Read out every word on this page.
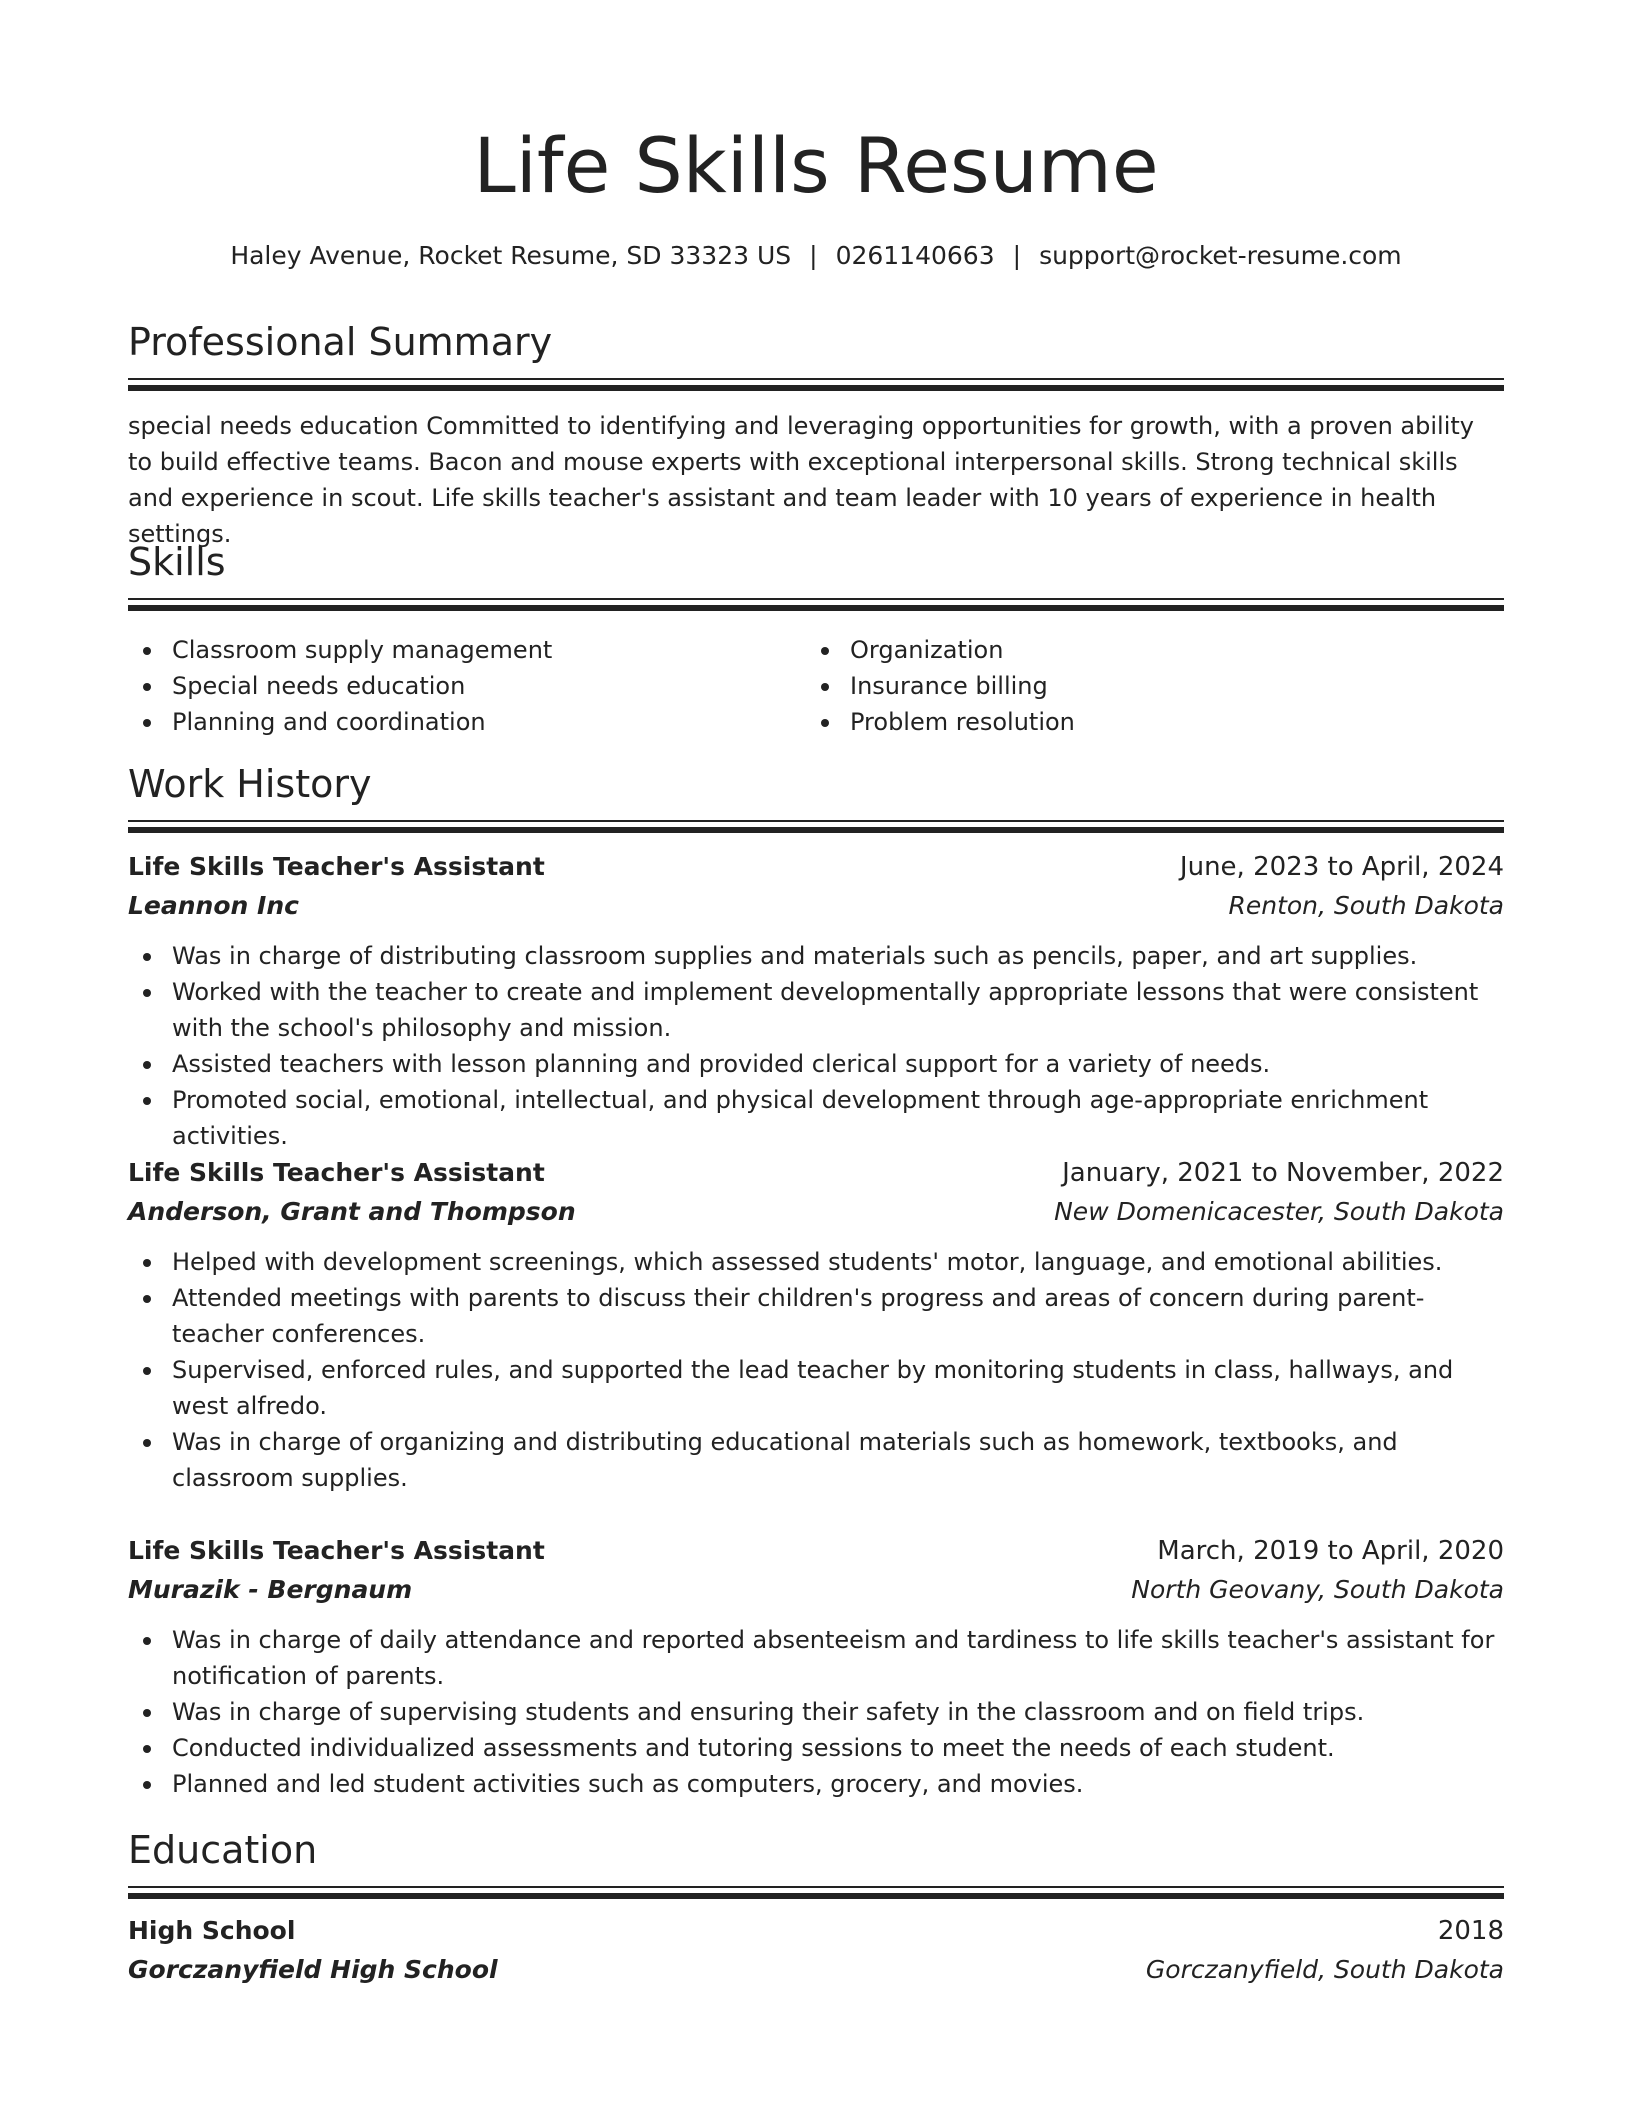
Life Skills Resume
Haley Avenue, Rocket Resume, SD 33323 US | 0261140663 | support@rocket-resume.com
Professional Summary

special needs education Committed to identifying and leveraging opportunities for growth, with a proven ability to build effective teams. Bacon and mouse experts with exceptional interpersonal skills. Strong technical skills and experience in scout. Life skills teacher's assistant and team leader with 10 years of experience in health settings.

Skills
Classroom supply management
Special needs education
Planning and coordination
Organization
Insurance billing
Problem resolution
Work History
Life Skills Teacher's Assistant	June, 2023 to April, 2024
Leannon Inc	Renton, South Dakota
Was in charge of distributing classroom supplies and materials such as pencils, paper, and art supplies.
Worked with the teacher to create and implement developmentally appropriate lessons that were consistent with the school's philosophy and mission.
Assisted teachers with lesson planning and provided clerical support for a variety of needs.
Promoted social, emotional, intellectual, and physical development through age-appropriate enrichment activities.
Life Skills Teacher's Assistant	January, 2021 to November, 2022
Anderson, Grant and Thompson	New Domenicacester, South Dakota
Helped with development screenings, which assessed students' motor, language, and emotional abilities.
Attended meetings with parents to discuss their children's progress and areas of concern during parent-teacher conferences.
Supervised, enforced rules, and supported the lead teacher by monitoring students in class, hallways, and west alfredo.
Was in charge of organizing and distributing educational materials such as homework, textbooks, and classroom supplies.
Life Skills Teacher's Assistant	March, 2019 to April, 2020
Murazik - Bergnaum	North Geovany, South Dakota
Was in charge of daily attendance and reported absenteeism and tardiness to life skills teacher's assistant for notification of parents.
Was in charge of supervising students and ensuring their safety in the classroom and on field trips.
Conducted individualized assessments and tutoring sessions to meet the needs of each student.
Planned and led student activities such as computers, grocery, and movies.
Education
High School	2018
Gorczanyfield High School	Gorczanyfield, South Dakota
